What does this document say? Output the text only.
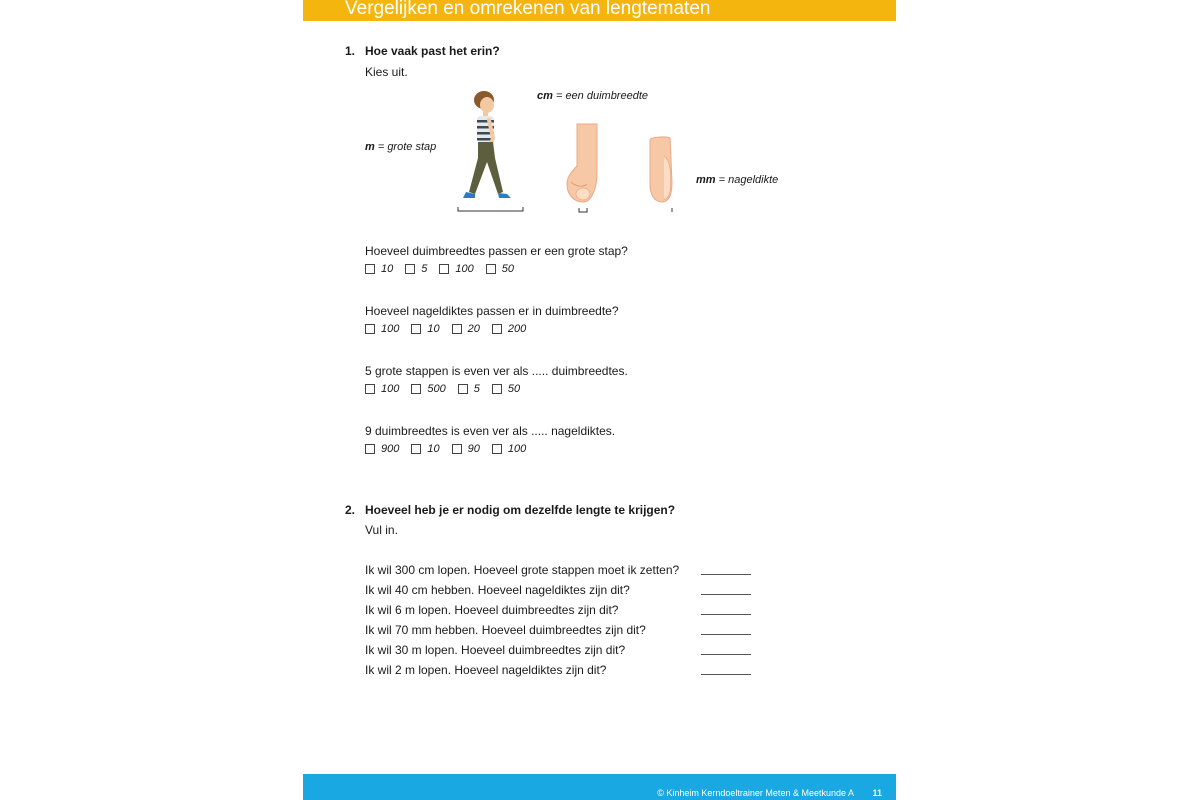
Vergelijken en omrekenen van lengtematen
1. Hoe vaak past het erin?
Kies uit.
cm = een duimbreedte
m = grote stap
mm = nageldikte
Hoeveel duimbreedtes passen er een grote stap?
10	5	100	50
Hoeveel nageldiktes passen er in duimbreedte?
100	10	20	200
5 grote stappen is even ver als ..... duimbreedtes.
100	500	5	50
9 duimbreedtes is even ver als ..... nageldiktes.
900	10	90	100
2. Hoeveel heb je er nodig om dezelfde lengte te krijgen?
Vul in.
Ik wil 300 cm lopen. Hoeveel grote stappen moet ik zetten?
Ik wil 40 cm hebben. Hoeveel nageldiktes zijn dit?
Ik wil 6 m lopen. Hoeveel duimbreedtes zijn dit?
Ik wil 70 mm hebben. Hoeveel duimbreedtes zijn dit?
Ik wil 30 m lopen. Hoeveel duimbreedtes zijn dit?
Ik wil 2 m lopen. Hoeveel nageldiktes zijn dit?
© Kinheim Kerndoeltrainer Meten & Meetkunde A 11
